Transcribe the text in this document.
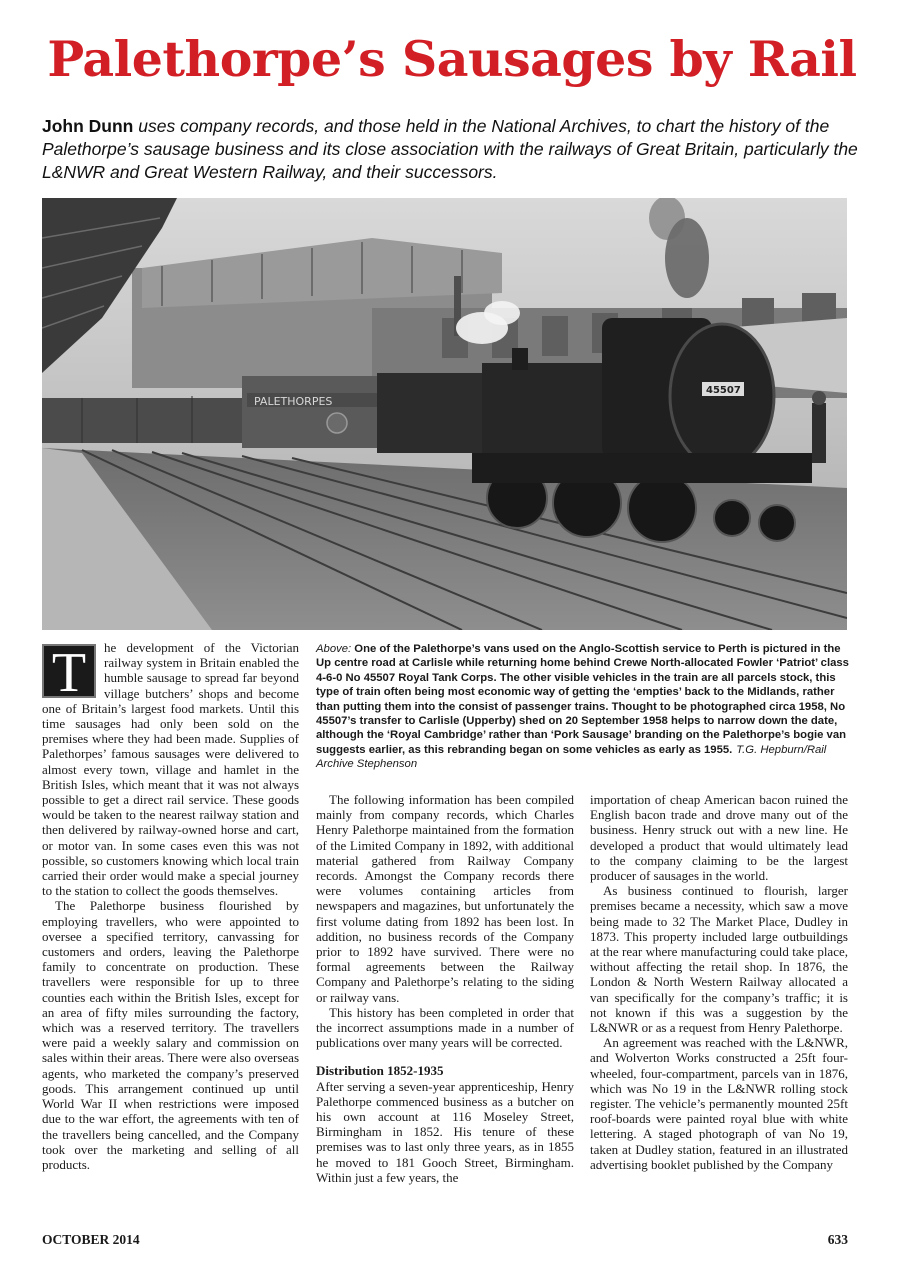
Palethorpe’s Sausages by Rail
John Dunn uses company records, and those held in the National Archives, to chart the history of the Palethorpe’s sausage business and its close association with the railways of Great Britain, particularly the L&NWR and Great Western Railway, and their successors.
PALETHORPES
45507

T	he development of the Victorian railway system in Britain enabled the humble sausage to spread far beyond village butchers’ shops and become one of Britain’s largest food markets. Until this time sausages had only been sold on the premises where they had been made. Supplies of Palethorpes’ famous sausages were delivered to almost every town, village and hamlet in the British Isles, which meant that it was not always possible to get a direct rail service. These goods would be taken to the nearest railway station and then delivered by railway-owned horse and cart, or motor van. In some cases even this was not possible, so customers knowing which local train carried their order would make a special journey to the station to collect the goods themselves.

The Palethorpe business flourished by employing travellers, who were appointed to oversee a specified territory, canvassing for customers and orders, leaving the Palethorpe family to concentrate on production. These travellers were responsible for up to three counties each within the British Isles, except for an area of fifty miles surrounding the factory, which was a reserved territory. The travellers were paid a weekly salary and commission on sales within their areas. There were also overseas agents, who marketed the company’s preserved goods. This arrangement continued up until World War II when restrictions were imposed due to the war effort, the agreements with ten of the travellers being cancelled, and the Company took over the marketing and selling of all products.

Above: One of the Palethorpe’s vans used on the Anglo-Scottish service to Perth is pictured in the Up centre road at Carlisle while returning home behind Crewe North-allocated Fowler ‘Patriot’ class 4-6-0 No 45507 Royal Tank Corps. The other visible vehicles in the train are all parcels stock, this type of train often being most economic way of getting the ‘empties’ back to the Midlands, rather than putting them into the consist of passenger trains. Thought to be photographed circa 1958, No 45507’s transfer to Carlisle (Upperby) shed on 20 September 1958 helps to narrow down the date, although the ‘Royal Cambridge’ rather than ‘Pork Sausage’ branding on the Palethorpe’s bogie van suggests earlier, as this rebranding began on some vehicles as early as 1955. T.G. Hepburn/Rail Archive Stephenson

The following information has been compiled mainly from company records, which Charles Henry Palethorpe maintained from the formation of the Limited Company in 1892, with additional material gathered from Railway Company records. Amongst the Company records there were volumes containing articles from newspapers and magazines, but unfortunately the first volume dating from 1892 has been lost. In addition, no business records of the Company prior to 1892 have survived. There were no formal agreements between the Railway Company and Palethorpe’s relating to the siding or railway vans.

This history has been completed in order that the incorrect assumptions made in a number of publications over many years will be corrected.

Distribution 1852-1935

After serving a seven-year apprenticeship, Henry Palethorpe commenced business as a butcher on his own account at 116 Moseley Street, Birmingham in 1852. His tenure of these premises was to last only three years, as in 1855 he moved to 181 Gooch Street, Birmingham. Within just a few years, the

importation of cheap American bacon ruined the English bacon trade and drove many out of the business. Henry struck out with a new line. He developed a product that would ultimately lead to the company claiming to be the largest producer of sausages in the world.

As business continued to flourish, larger premises became a necessity, which saw a move being made to 32 The Market Place, Dudley in 1873. This property included large outbuildings at the rear where manufacturing could take place, without affecting the retail shop. In 1876, the London & North Western Railway allocated a van specifically for the company’s traffic; it is not known if this was a suggestion by the L&NWR or as a request from Henry Palethorpe.

An agreement was reached with the L&NWR, and Wolverton Works constructed a 25ft four-wheeled, four-compartment, parcels van in 1876, which was No 19 in the L&NWR rolling stock register. The vehicle’s permanently mounted 25ft roof-boards were painted royal blue with white lettering. A staged photograph of van No 19, taken at Dudley station, featured in an illustrated advertising booklet published by the Company

OCTOBER 2014	633
